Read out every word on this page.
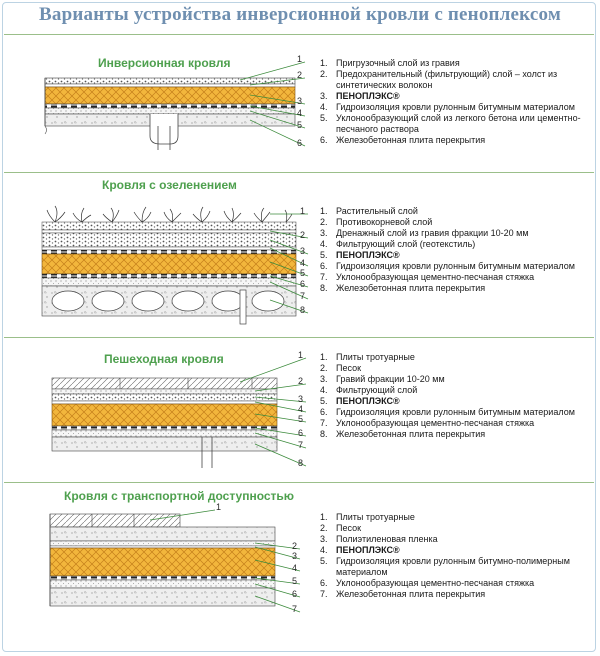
Варианты устройства инверсионной кровли с пеноплексом
Инверсионная кровля
Кровля с озеленением
Пешеходная кровля
Кровля с транспортной доступностью
1. Пригрузочный слой из гравия
2. Предохранительный (фильтрующий) слой – холст из синтетических волокон
3. ПЕНОПЛЭКС®
4. Гидроизоляция кровли рулонным битумным материалом
5. Уклонообразующий слой из легкого бетона или цементно-песчаного раствора
6. Железобетонная плита перекрытия
1. Растительный слой
2. Противокорневой слой
3. Дренажный слой из гравия фракции 10-20 мм
4. Фильтрующий слой (геотекстиль)
5. ПЕНОПЛЭКС®
6. Гидроизоляция кровли рулонным битумным материалом
7. Уклонообразующая цементно-песчаная стяжка
8. Железобетонная плита перекрытия
1. Плиты тротуарные
2. Песок
3. Гравий фракции 10-20 мм
4. Фильтрующий слой
5. ПЕНОПЛЭКС®
6. Гидроизоляция кровли рулонным битумным материалом
7. Уклонообразующая цементно-песчаная стяжка
8. Железобетонная плита перекрытия
1. Плиты тротуарные
2. Песок
3. Полиэтиленовая пленка
4. ПЕНОПЛЭКС®
5. Гидроизоляция кровли рулонным битумно-полимерным материалом
6. Уклонообразующая цементно-песчаная стяжка
7. Железобетонная плита перекрытия
1
2
3
4
5
6
1
2
3
4
5
6
7
8
1
2
3
4
5
6
7
8
1
2
3
4
5
6
7
